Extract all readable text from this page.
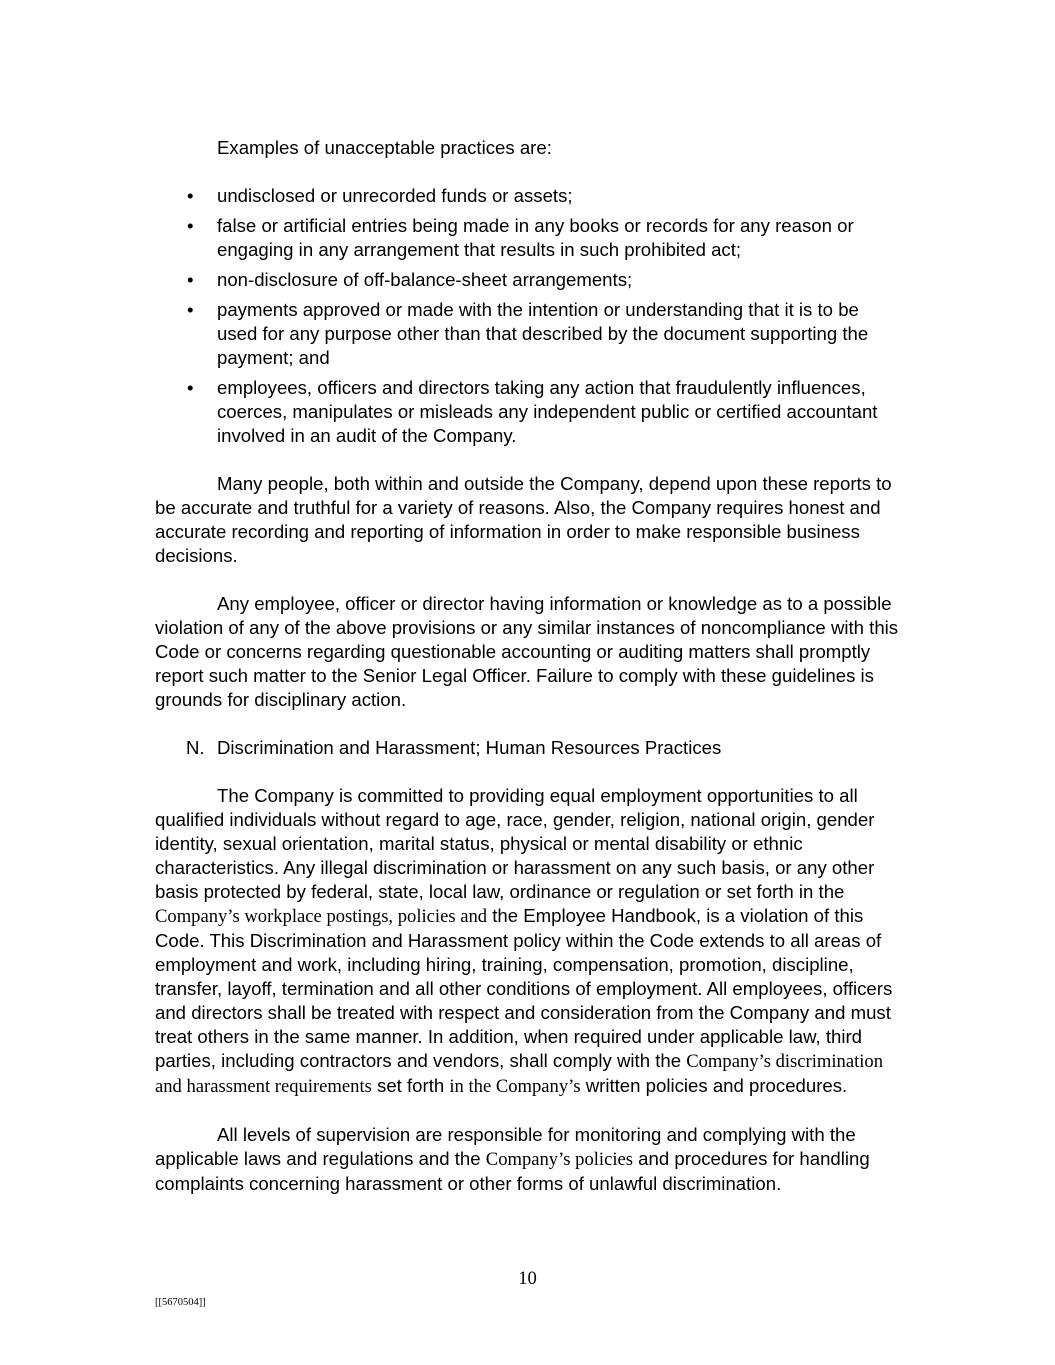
Examples of unacceptable practices are:

• undisclosed or unrecorded funds or assets;
• false or artificial entries being made in any books or records for any reason or engaging in any arrangement that results in such prohibited act;
• non-disclosure of off-balance-sheet arrangements;
• payments approved or made with the intention or understanding that it is to be used for any purpose other than that described by the document supporting the payment; and
• employees, officers and directors taking any action that fraudulently influences, coerces, manipulates or misleads any independent public or certified accountant involved in an audit of the Company.

Many people, both within and outside the Company, depend upon these reports to be accurate and truthful for a variety of reasons. Also, the Company requires honest and accurate recording and reporting of information in order to make responsible business decisions.

Any employee, officer or director having information or knowledge as to a possible violation of any of the above provisions or any similar instances of noncompliance with this Code or concerns regarding questionable accounting or auditing matters shall promptly report such matter to the Senior Legal Officer. Failure to comply with these guidelines is grounds for disciplinary action.

N. Discrimination and Harassment; Human Resources Practices

The Company is committed to providing equal employment opportunities to all qualified individuals without regard to age, race, gender, religion, national origin, gender identity, sexual orientation, marital status, physical or mental disability or ethnic characteristics. Any illegal discrimination or harassment on any such basis, or any other basis protected by federal, state, local law, ordinance or regulation or set forth in the Company’s workplace postings, policies and the Employee Handbook, is a violation of this Code. This Discrimination and Harassment policy within the Code extends to all areas of employment and work, including hiring, training, compensation, promotion, discipline, transfer, layoff, termination and all other conditions of employment. All employees, officers and directors shall be treated with respect and consideration from the Company and must treat others in the same manner. In addition, when required under applicable law, third parties, including contractors and vendors, shall comply with the Company’s discrimination and harassment requirements set forth in the Company’s written policies and procedures.

All levels of supervision are responsible for monitoring and complying with the applicable laws and regulations and the Company’s policies and procedures for handling complaints concerning harassment or other forms of unlawful discrimination.

10
[[5670504]]
